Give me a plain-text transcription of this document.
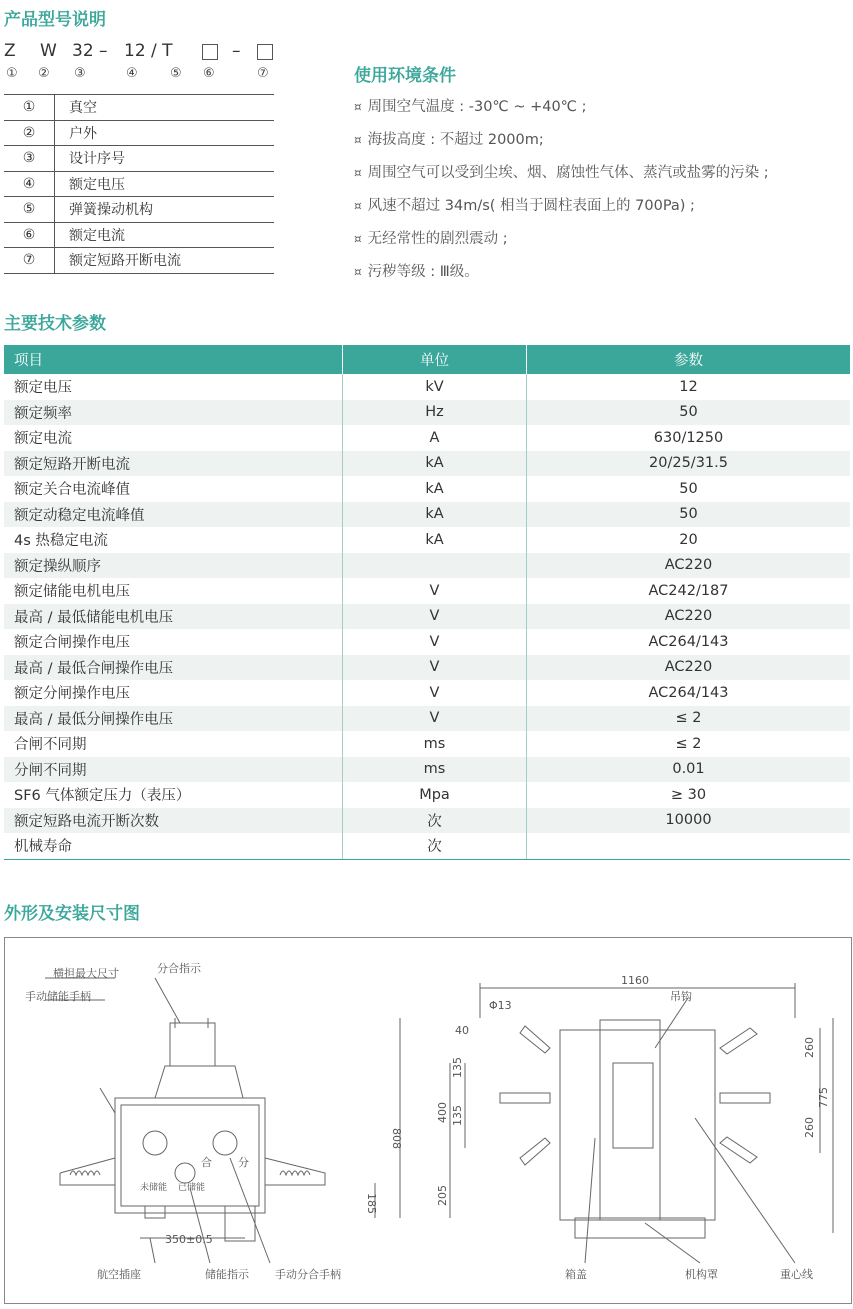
产品型号说明
Z W 32 – 12 / T	–
① ② ③	④ ⑤ ⑥	⑦
①	真空
②	户外
③	设计序号
④	额定电压
⑤	弹簧操动机构
⑥	额定电流
⑦	额定短路开断电流
使用环境条件
¤ 周围空气温度 : -30℃ ~ +40℃ ;
¤ 海拔高度 : 不超过 2000m;
¤ 周围空气可以受到尘埃、烟、腐蚀性气体、蒸汽或盐雾的污染 ;
¤ 风速不超过 34m/s( 相当于圆柱表面上的 700Pa) ;
¤ 无经常性的剧烈震动 ;
¤ 污秽等级 : Ⅲ级。
主要技术参数
项目	单位	参数
额定电压	kV	12
额定频率	Hz	50
额定电流	A	630/1250
额定短路开断电流	kA	20/25/31.5
额定关合电流峰值	kA	50
额定动稳定电流峰值	kA	50
4s 热稳定电流	kA	20
额定操纵顺序		AC220
额定储能电机电压	V	AC242/187
最高 / 最低储能电机电压	V	AC220
额定合闸操作电压	V	AC264/143
最高 / 最低合闸操作电压	V	AC220
额定分闸操作电压	V	AC264/143
最高 / 最低分闸操作电压	V	≤ 2
合闸不同期	ms	≤ 2
分闸不同期	ms	0.01
SF6 气体额定压力（表压）	Mpa	≥ 30
额定短路电流开断次数	次	10000
机械寿命	次	
外形及安装尺寸图
分合指示
横担最大尺寸
手动储能手柄
未储能 已储能
合 分
350±0.5
航空插座	储能指示 手动分合手柄
808
185
1160
Φ13
吊钩
40
135
135
400
205
260
260
775
箱盖	机构罩	重心线
